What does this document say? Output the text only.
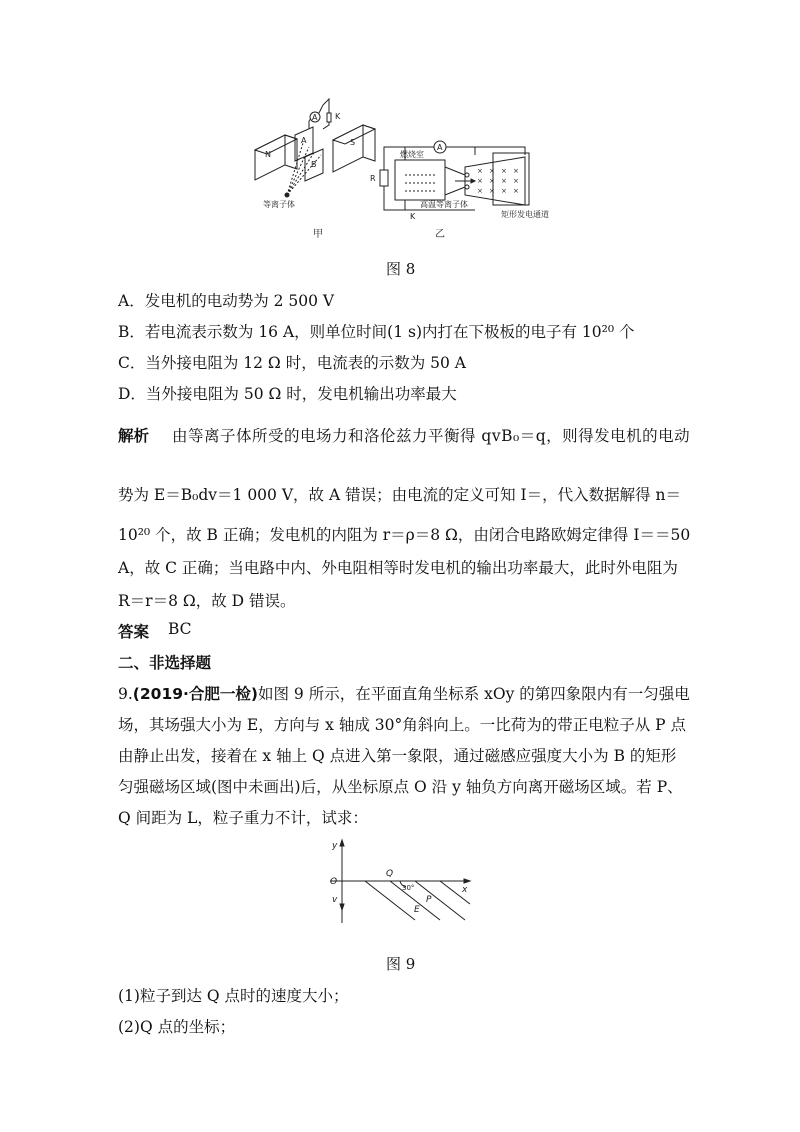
× × × ×
× × × ×
× × × ×
N
S
A
B
K
A
A
R
K
等离子体
燃烧室
高温等离子体
矩形发电通道
甲	乙
图 8
A．发电机的电动势为 2 500 V
B．若电流表示数为 16 A，则单位时间(1 s)内打在下极板的电子有 10²⁰ 个
C．当外接电阻为 12 Ω 时，电流表的示数为 50 A
D．当外接电阻为 50 Ω 时，发电机输出功率最大
解析 由等离子体所受的电场力和洛伦兹力平衡得 qvB₀＝q，则得发电机的电动
势为 E＝B₀dv＝1 000 V，故 A 错误；由电流的定义可知 I＝，代入数据解得 n＝
10²⁰ 个，故 B 正确；发电机的内阻为 r＝ρ＝8 Ω，由闭合电路欧姆定律得 I＝＝50
A，故 C 正确；当电路中内、外电阻相等时发电机的输出功率最大，此时外电阻为
R＝r＝8 Ω，故 D 错误。
答案 BC
二、非选择题
9.(2019·合肥一检)如图 9 所示，在平面直角坐标系 xOy 的第四象限内有一匀强电
场，其场强大小为 E，方向与 x 轴成 30°角斜向上。一比荷为的带正电粒子从 P 点
由静止出发，接着在 x 轴上 Q 点进入第一象限，通过磁感应强度大小为 B 的矩形
匀强磁场区域(图中未画出)后，从坐标原点 O 沿 y 轴负方向离开磁场区域。若 P、
Q 间距为 L，粒子重力不计，试求：
y
x
O
v
Q
P
E
30°
图 9
(1)粒子到达 Q 点时的速度大小；
(2)Q 点的坐标；
